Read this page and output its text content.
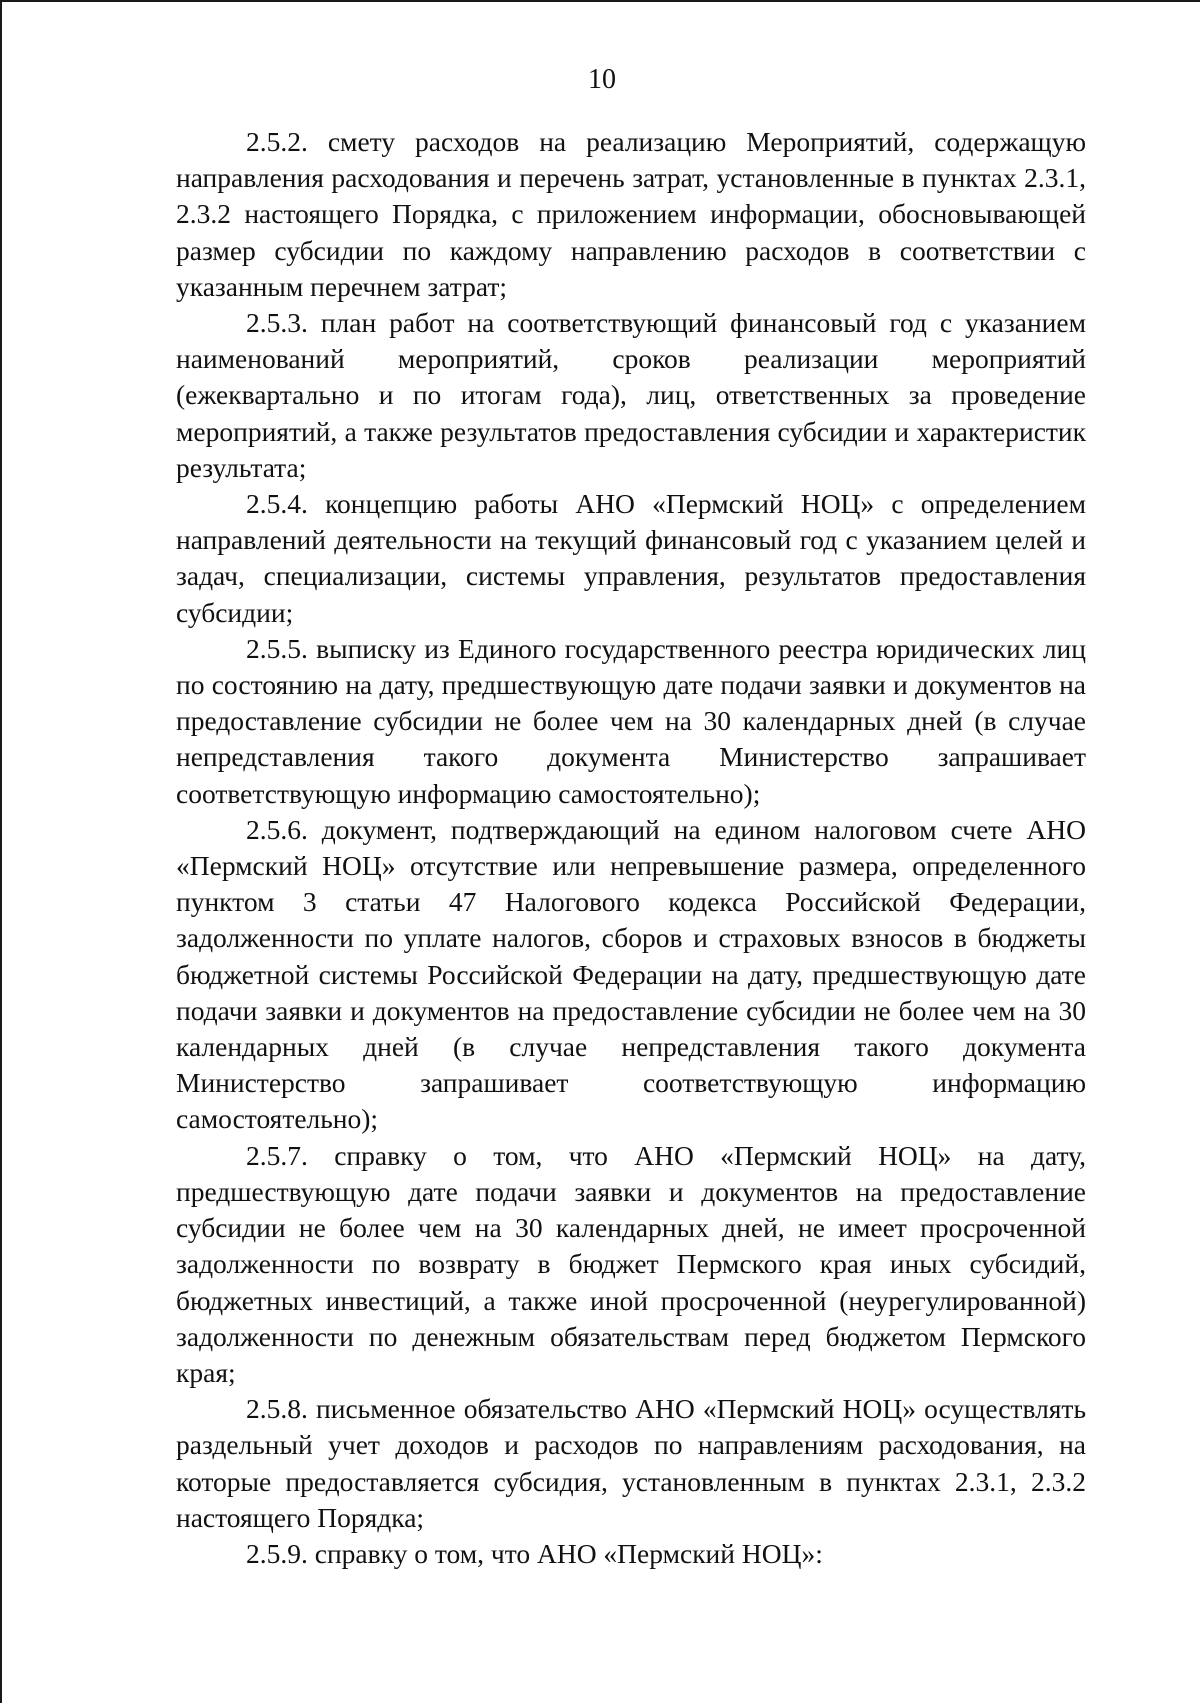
10

2.5.2. смету расходов на реализацию Мероприятий, содержащую направления расходования и перечень затрат, установленные в пунктах 2.3.1, 2.3.2 настоящего Порядка, с приложением информации, обосновывающей размер субсидии по каждому направлению расходов в соответствии с указанным перечнем затрат;

2.5.3. план работ на соответствующий финансовый год с указанием наименований мероприятий, сроков реализации мероприятий (ежеквартально и по итогам года), лиц, ответственных за проведение мероприятий, а также результатов предоставления субсидии и характеристик результата;

2.5.4. концепцию работы АНО «Пермский НОЦ» с определением направлений деятельности на текущий финансовый год с указанием целей и задач, специализации, системы управления, результатов предоставления субсидии;

2.5.5. выписку из Единого государственного реестра юридических лиц по состоянию на дату, предшествующую дате подачи заявки и документов на предоставление субсидии не более чем на 30 календарных дней (в случае непредставления такого документа Министерство запрашивает соответствующую информацию самостоятельно);

2.5.6. документ, подтверждающий на едином налоговом счете АНО «Пермский НОЦ» отсутствие или непревышение размера, определенного пунктом 3 статьи 47 Налогового кодекса Российской Федерации, задолженности по уплате налогов, сборов и страховых взносов в бюджеты бюджетной системы Российской Федерации на дату, предшествующую дате подачи заявки и документов на предоставление субсидии не более чем на 30 календарных дней (в случае непредставления такого документа Министерство запрашивает соответствующую информацию самостоятельно);

2.5.7. справку о том, что АНО «Пермский НОЦ» на дату, предшествующую дате подачи заявки и документов на предоставление субсидии не более чем на 30 календарных дней, не имеет просроченной задолженности по возврату в бюджет Пермского края иных субсидий, бюджетных инвестиций, а также иной просроченной (неурегулированной) задолженности по денежным обязательствам перед бюджетом Пермского края;

2.5.8. письменное обязательство АНО «Пермский НОЦ» осуществлять раздельный учет доходов и расходов по направлениям расходования, на которые предоставляется субсидия, установленным в пунктах 2.3.1, 2.3.2 настоящего Порядка;

2.5.9. справку о том, что АНО «Пермский НОЦ»:
